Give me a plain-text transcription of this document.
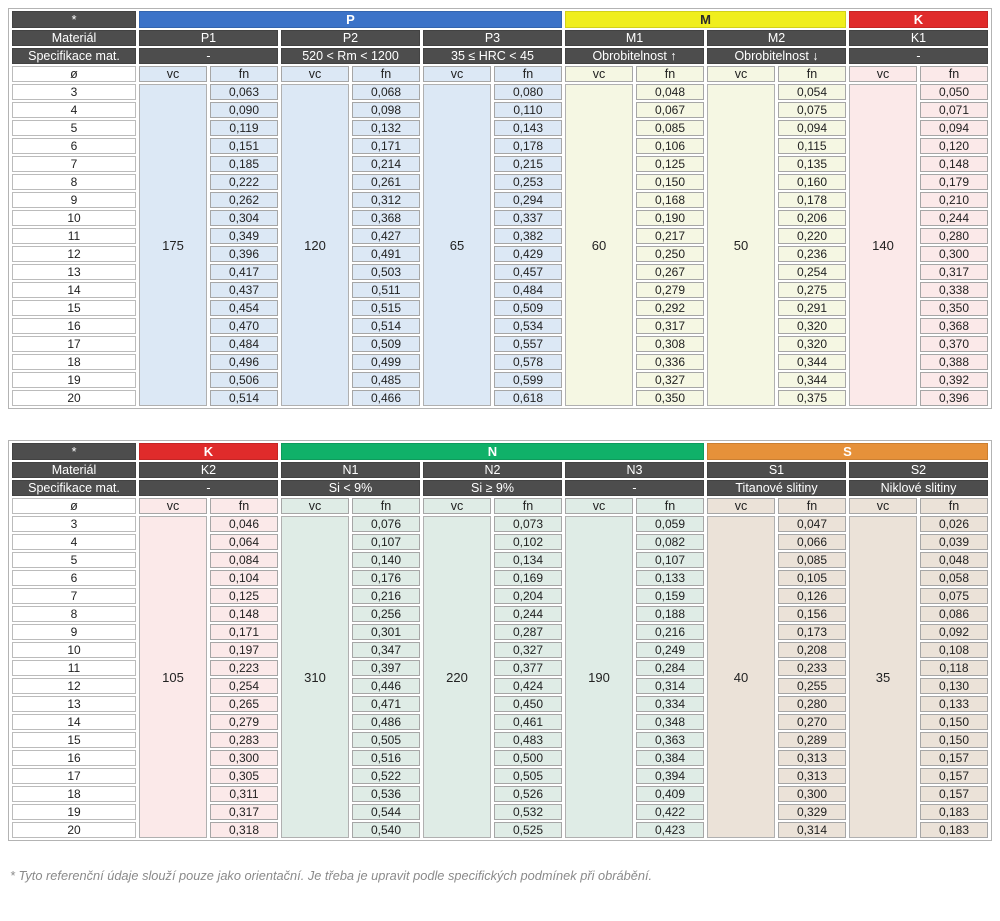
*	P						M				K	
Materiál	P1		P2		P3		M1		M2		K1	
Specifikace mat.	-		520 < Rm < 1200		35 ≤ HRC < 45		Obrobitelnost ↑		Obrobitelnost ↓		-	
ø	vc	fn	vc	fn	vc	fn	vc	fn	vc	fn	vc	fn
3	175	0,063	120	0,068	65	0,080	60	0,048	50	0,054	140	0,050
4		0,090		0,098		0,110		0,067		0,075		0,071
5		0,119		0,132		0,143		0,085		0,094		0,094
6		0,151		0,171		0,178		0,106		0,115		0,120
7		0,185		0,214		0,215		0,125		0,135		0,148
8		0,222		0,261		0,253		0,150		0,160		0,179
9		0,262		0,312		0,294		0,168		0,178		0,210
10		0,304		0,368		0,337		0,190		0,206		0,244
11		0,349		0,427		0,382		0,217		0,220		0,280
12		0,396		0,491		0,429		0,250		0,236		0,300
13		0,417		0,503		0,457		0,267		0,254		0,317
14		0,437		0,511		0,484		0,279		0,275		0,338
15		0,454		0,515		0,509		0,292		0,291		0,350
16		0,470		0,514		0,534		0,317		0,320		0,368
17		0,484		0,509		0,557		0,308		0,320		0,370
18		0,496		0,499		0,578		0,336		0,344		0,388
19		0,506		0,485		0,599		0,327		0,344		0,392
20		0,514		0,466		0,618		0,350		0,375		0,396
*	K		N						S			
Materiál	K2		N1		N2		N3		S1		S2	
Specifikace mat.	-		Si < 9%		Si ≥ 9%		-		Titanové slitiny		Niklové slitiny	
ø	vc	fn	vc	fn	vc	fn	vc	fn	vc	fn	vc	fn
3	105	0,046	310	0,076	220	0,073	190	0,059	40	0,047	35	0,026
4		0,064		0,107		0,102		0,082		0,066		0,039
5		0,084		0,140		0,134		0,107		0,085		0,048
6		0,104		0,176		0,169		0,133		0,105		0,058
7		0,125		0,216		0,204		0,159		0,126		0,075
8		0,148		0,256		0,244		0,188		0,156		0,086
9		0,171		0,301		0,287		0,216		0,173		0,092
10		0,197		0,347		0,327		0,249		0,208		0,108
11		0,223		0,397		0,377		0,284		0,233		0,118
12		0,254		0,446		0,424		0,314		0,255		0,130
13		0,265		0,471		0,450		0,334		0,280		0,133
14		0,279		0,486		0,461		0,348		0,270		0,150
15		0,283		0,505		0,483		0,363		0,289		0,150
16		0,300		0,516		0,500		0,384		0,313		0,157
17		0,305		0,522		0,505		0,394		0,313		0,157
18		0,311		0,536		0,526		0,409		0,300		0,157
19		0,317		0,544		0,532		0,422		0,329		0,183
20		0,318		0,540		0,525		0,423		0,314		0,183

* Tyto referenční údaje slouží pouze jako orientační. Je třeba je upravit podle specifických podmínek při obrábění.
